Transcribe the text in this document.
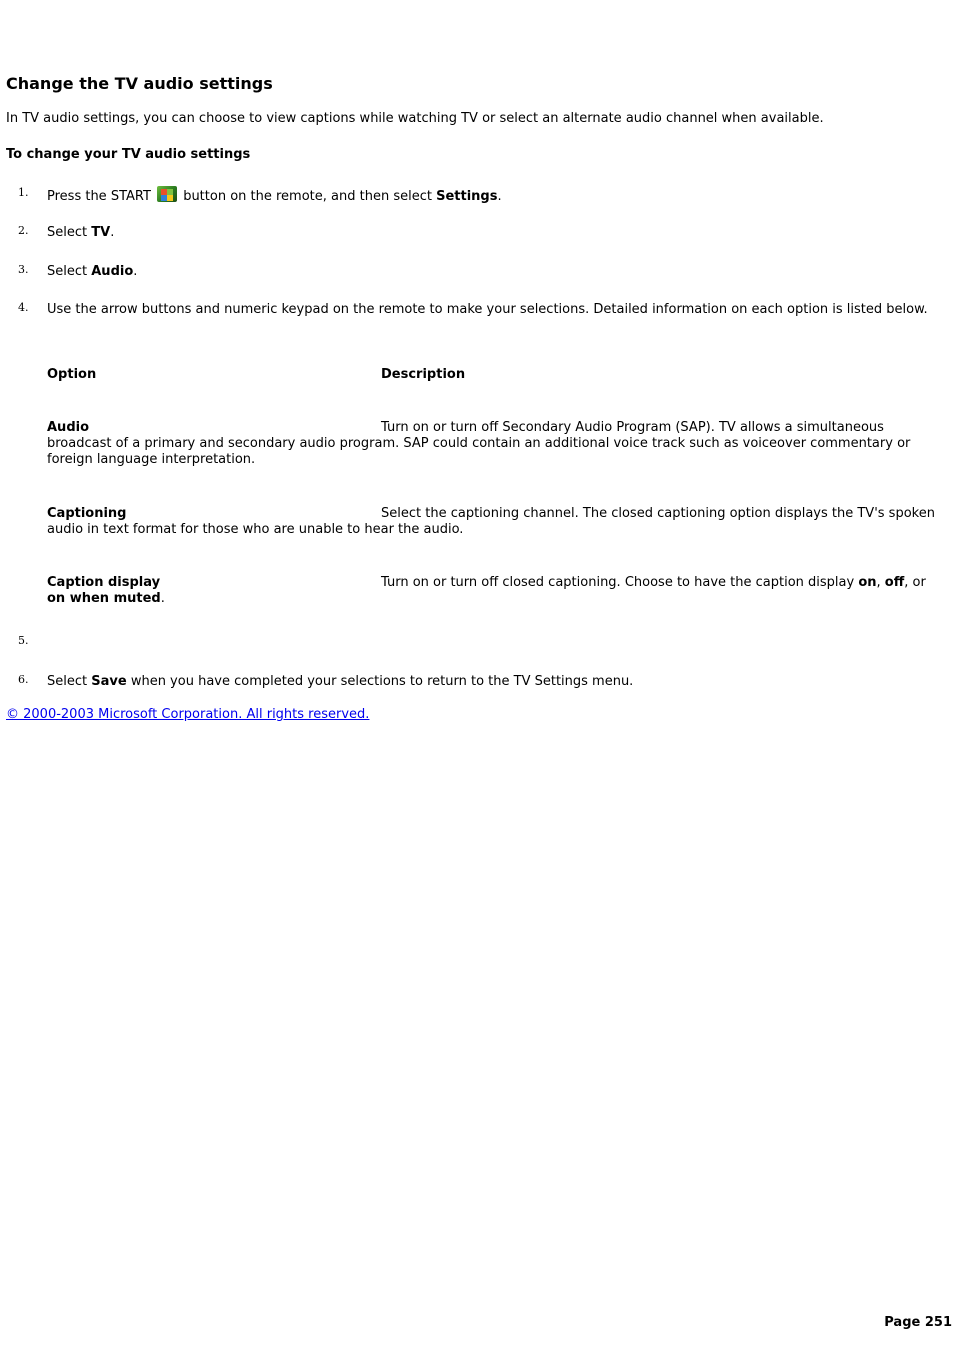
Change the TV audio settings

In TV audio settings, you can choose to view captions while watching TV or select an alternate audio channel when available.

To change your TV audio settings

1. Press the START
button on the remote, and then select Settings.
2. Select TV.
3. Select Audio.
4. Use the arrow buttons and numeric keypad on the remote to make your selections. Detailed information on each option is listed below.
Option	Description
Audio	Turn on or turn off Secondary Audio Program (SAP). TV allows a simultaneous broadcast of a primary and secondary audio program. SAP could contain an additional voice track such as voiceover commentary or foreign language interpretation.
Captioning	Select the captioning channel. The closed captioning option displays the TV's spoken audio in text format for those who are unable to hear the audio.
Caption display	Turn on or turn off closed captioning. Choose to have the caption display on, off, or on when muted.
5.
6. Select Save when you have completed your selections to return to the TV Settings menu.
© 2000-2003 Microsoft Corporation. All rights reserved.
Page 251
